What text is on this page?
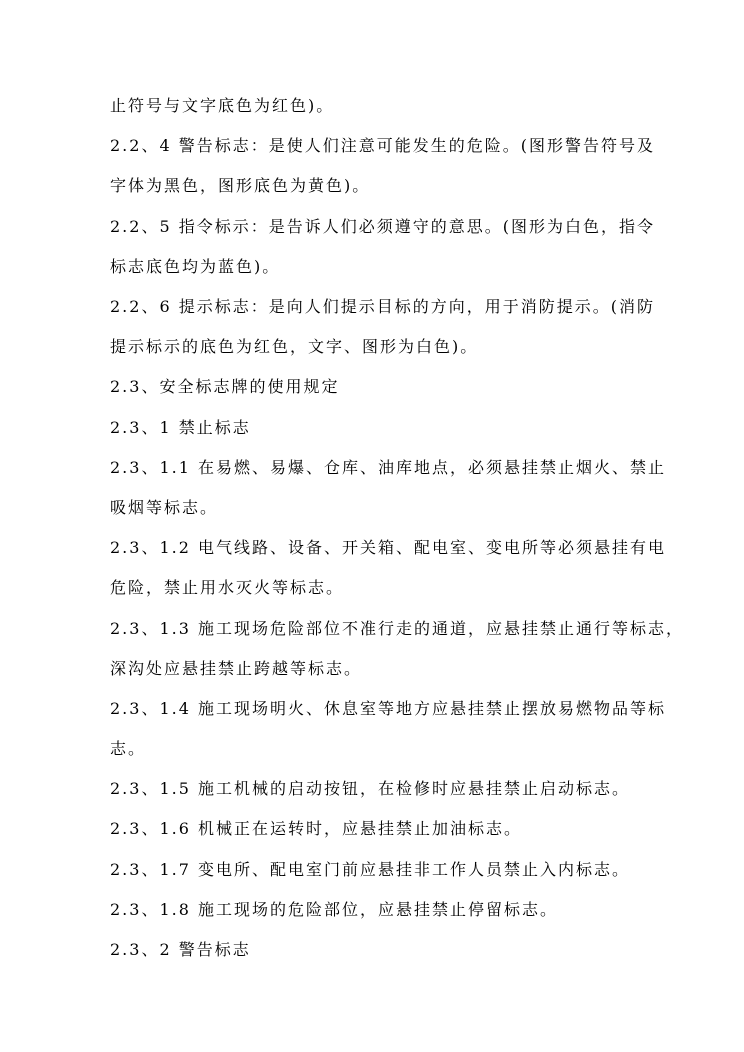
止符号与文字底色为红色)。
2.2、4 警告标志：是使人们注意可能发生的危险。(图形警告符号及
字体为黑色，图形底色为黄色)。
2.2、5 指令标示：是告诉人们必须遵守的意思。(图形为白色，指令
标志底色均为蓝色)。
2.2、6 提示标志：是向人们提示目标的方向，用于消防提示。(消防
提示标示的底色为红色，文字、图形为白色)。
2.3、安全标志牌的使用规定
2.3、1 禁止标志
2.3、1.1 在易燃、易爆、仓库、油库地点，必须悬挂禁止烟火、禁止
吸烟等标志。
2.3、1.2 电气线路、设备、开关箱、配电室、变电所等必须悬挂有电
危险，禁止用水灭火等标志。
2.3、1.3 施工现场危险部位不准行走的通道，应悬挂禁止通行等标志，
深沟处应悬挂禁止跨越等标志。
2.3、1.4 施工现场明火、休息室等地方应悬挂禁止摆放易燃物品等标
志。
2.3、1.5 施工机械的启动按钮，在检修时应悬挂禁止启动标志。
2.3、1.6 机械正在运转时，应悬挂禁止加油标志。
2.3、1.7 变电所、配电室门前应悬挂非工作人员禁止入内标志。
2.3、1.8 施工现场的危险部位，应悬挂禁止停留标志。
2.3、2 警告标志
